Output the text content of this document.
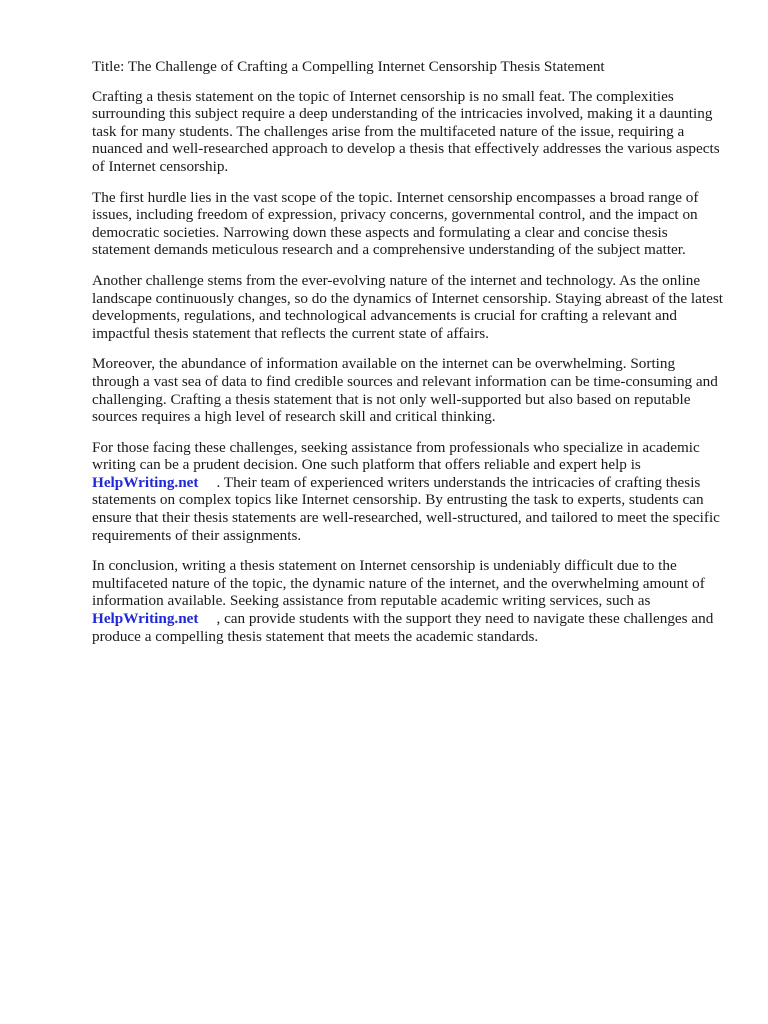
Title: The Challenge of Crafting a Compelling Internet Censorship Thesis Statement

Crafting a thesis statement on the topic of Internet censorship is no small feat. The complexities surrounding this subject require a deep understanding of the intricacies involved, making it a daunting task for many students. The challenges arise from the multifaceted nature of the issue, requiring a nuanced and well-researched approach to develop a thesis that effectively addresses the various aspects of Internet censorship.

The first hurdle lies in the vast scope of the topic. Internet censorship encompasses a broad range of issues, including freedom of expression, privacy concerns, governmental control, and the impact on democratic societies. Narrowing down these aspects and formulating a clear and concise thesis statement demands meticulous research and a comprehensive understanding of the subject matter.

Another challenge stems from the ever-evolving nature of the internet and technology. As the online landscape continuously changes, so do the dynamics of Internet censorship. Staying abreast of the latest developments, regulations, and technological advancements is crucial for crafting a relevant and impactful thesis statement that reflects the current state of affairs.

Moreover, the abundance of information available on the internet can be overwhelming. Sorting through a vast sea of data to find credible sources and relevant information can be time-consuming and challenging. Crafting a thesis statement that is not only well-supported but also based on reputable sources requires a high level of research skill and critical thinking.

For those facing these challenges, seeking assistance from professionals who specialize in academic writing can be a prudent decision. One such platform that offers reliable and expert help is HelpWriting.net . Their team of experienced writers understands the intricacies of crafting thesis statements on complex topics like Internet censorship. By entrusting the task to experts, students can ensure that their thesis statements are well-researched, well-structured, and tailored to meet the specific requirements of their assignments.

In conclusion, writing a thesis statement on Internet censorship is undeniably difficult due to the multifaceted nature of the topic, the dynamic nature of the internet, and the overwhelming amount of information available. Seeking assistance from reputable academic writing services, such as HelpWriting.net , can provide students with the support they need to navigate these challenges and produce a compelling thesis statement that meets the academic standards.
